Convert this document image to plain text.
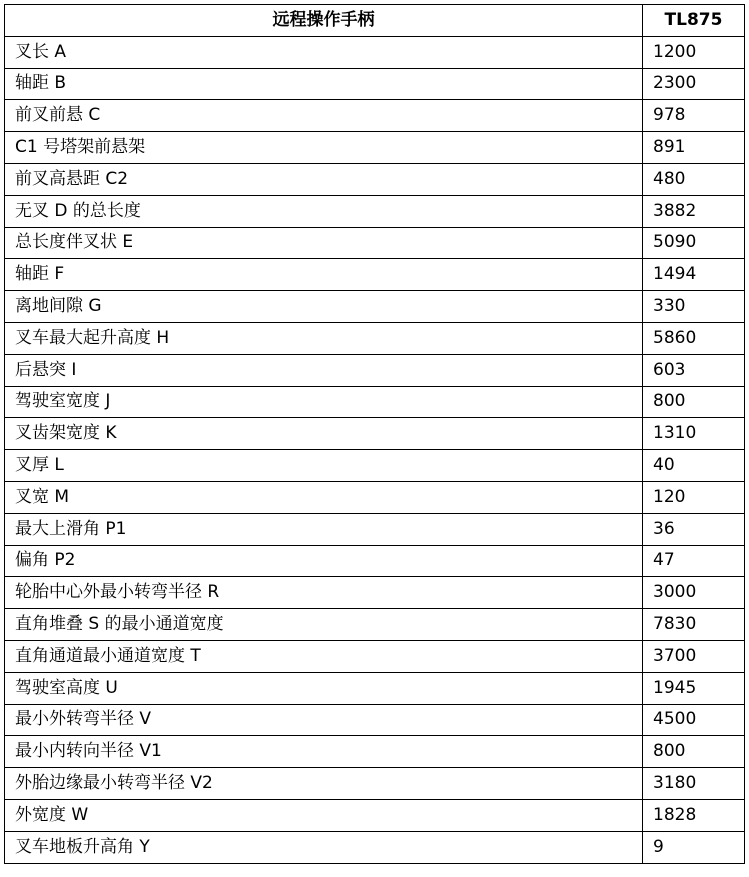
远程操作手柄	TL875
叉长 A	1200
轴距 B	2300
前叉前悬 C	978
C1 号塔架前悬架	891
前叉高悬距 C2	480
无叉 D 的总长度	3882
总长度伴叉状 E	5090
轴距 F	1494
离地间隙 G	330
叉车最大起升高度 H	5860
后悬突 I	603
驾驶室宽度 J	800
叉齿架宽度 K	1310
叉厚 L	40
叉宽 M	120
最大上滑角 P1	36
偏角 P2	47
轮胎中心外最小转弯半径 R	3000
直角堆叠 S 的最小通道宽度	7830
直角通道最小通道宽度 T	3700
驾驶室高度 U	1945
最小外转弯半径 V	4500
最小内转向半径 V1	800
外胎边缘最小转弯半径 V2	3180
外宽度 W	1828
叉车地板升高角 Y	9
